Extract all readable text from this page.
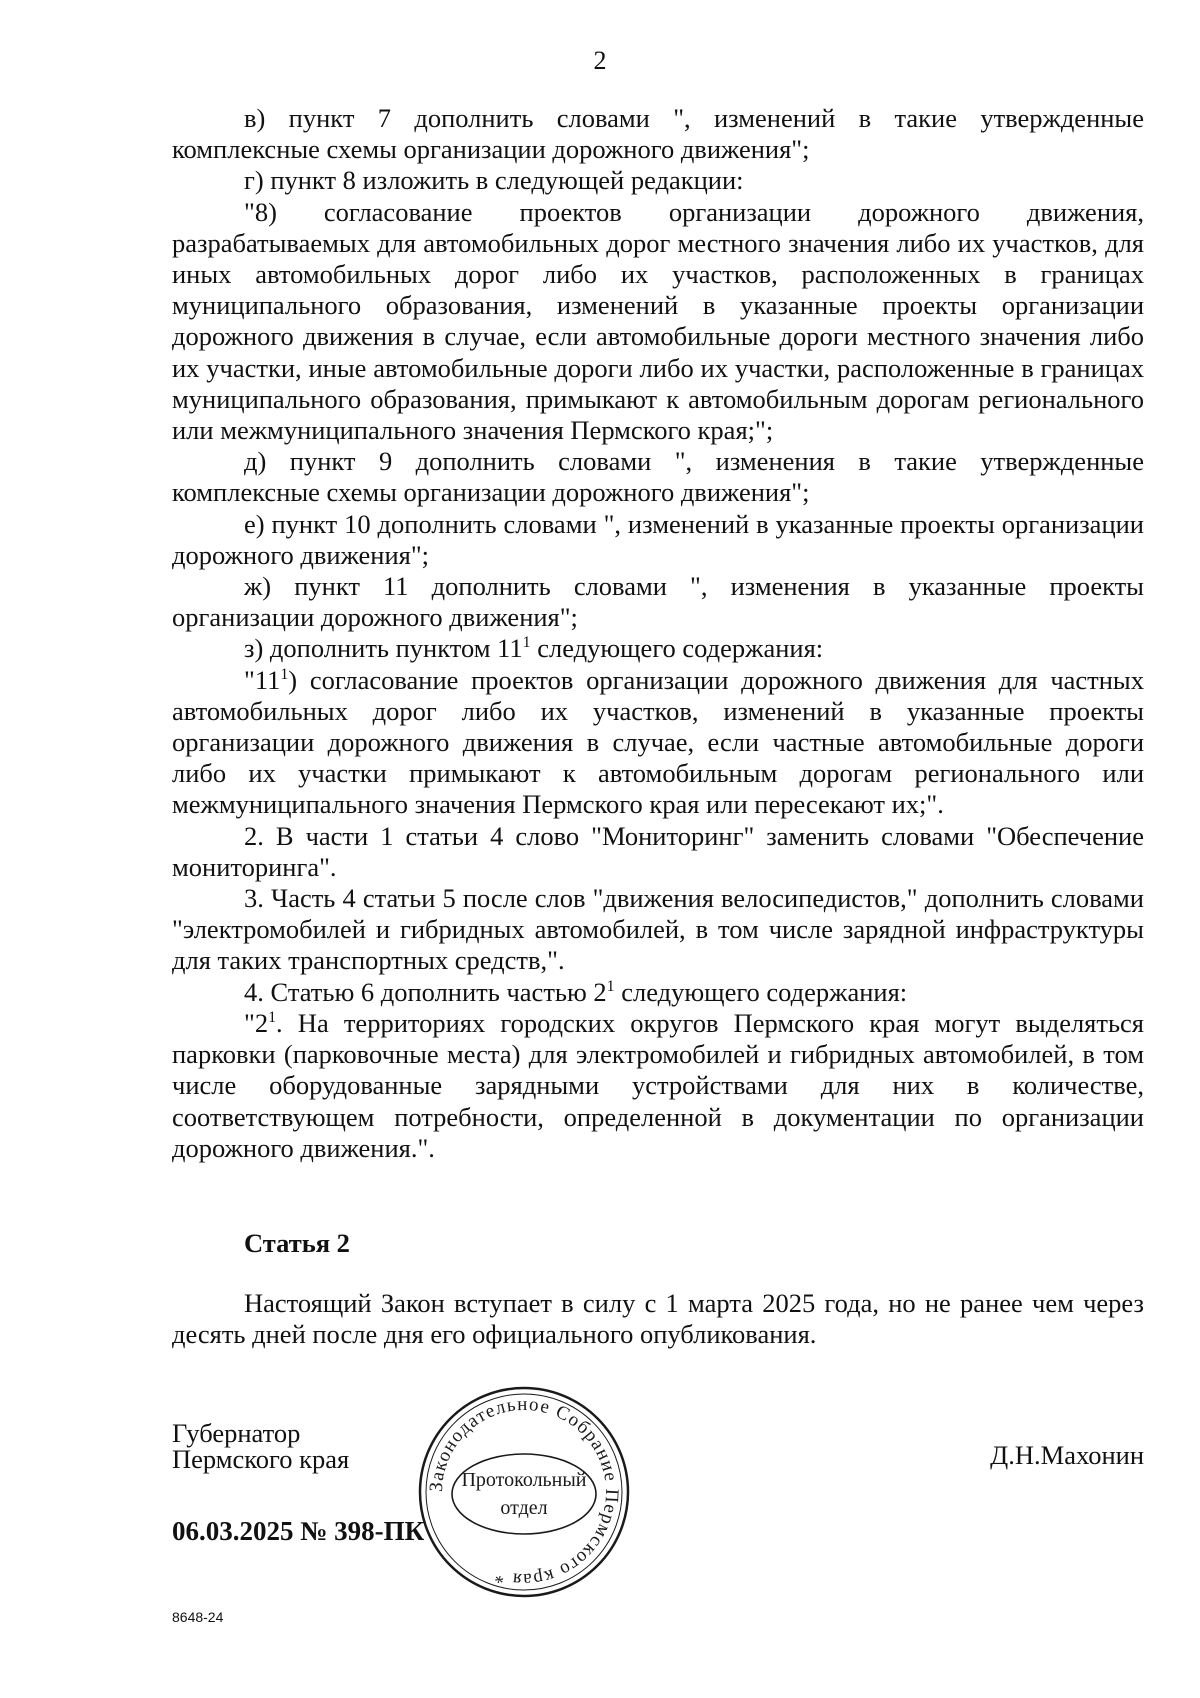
2

в) пункт 7 дополнить словами ", изменений в такие утвержденные комплексные схемы организации дорожного движения";

г) пункт 8 изложить в следующей редакции:

"8) согласование проектов организации дорожного движения, разрабатываемых для автомобильных дорог местного значения либо их участков, для иных автомобильных дорог либо их участков, расположенных в границах муниципального образования, изменений в указанные проекты организации дорожного движения в случае, если автомобильные дороги местного значения либо их участки, иные автомобильные дороги либо их участки, расположенные в границах муниципального образования, примыкают к автомобильным дорогам регионального или межмуниципального значения Пермского края;";

д) пункт 9 дополнить словами ", изменения в такие утвержденные комплексные схемы организации дорожного движения";

е) пункт 10 дополнить словами ", изменений в указанные проекты организации дорожного движения";

ж) пункт 11 дополнить словами ", изменения в указанные проекты организации дорожного движения";

з) дополнить пунктом $11^1$ следующего содержания:

"$11^1$) согласование проектов организации дорожного движения для частных автомобильных дорог либо их участков, изменений в указанные проекты организации дорожного движения в случае, если частные автомобильные дороги либо их участки примыкают к автомобильным дорогам регионального или межмуниципального значения Пермского края или пересекают их;".

2. В части 1 статьи 4 слово "Мониторинг" заменить словами "Обеспечение мониторинга".

3. Часть 4 статьи 5 после слов "движения велосипедистов," дополнить словами "электромобилей и гибридных автомобилей, в том числе зарядной инфраструктуры для таких транспортных средств,".

4. Статью 6 дополнить частью $2^1$ следующего содержания:

"$2^1$. На территориях городских округов Пермского края могут выделяться парковки (парковочные места) для электромобилей и гибридных автомобилей, в том числе оборудованные зарядными устройствами для них в количестве, соответствующем потребности, определенной в документации по организации дорожного движения.".

Статья 2

Настоящий Закон вступает в силу с 1 марта 2025 года, но не ранее чем через десять дней после дня его официального опубликования.

Губернатор
Пермского края	Д.Н.Махонин
06.03.2025 № 398-ПК
Законодательное Собрание Пермского края *
Протокольный
отдел
8648-24
